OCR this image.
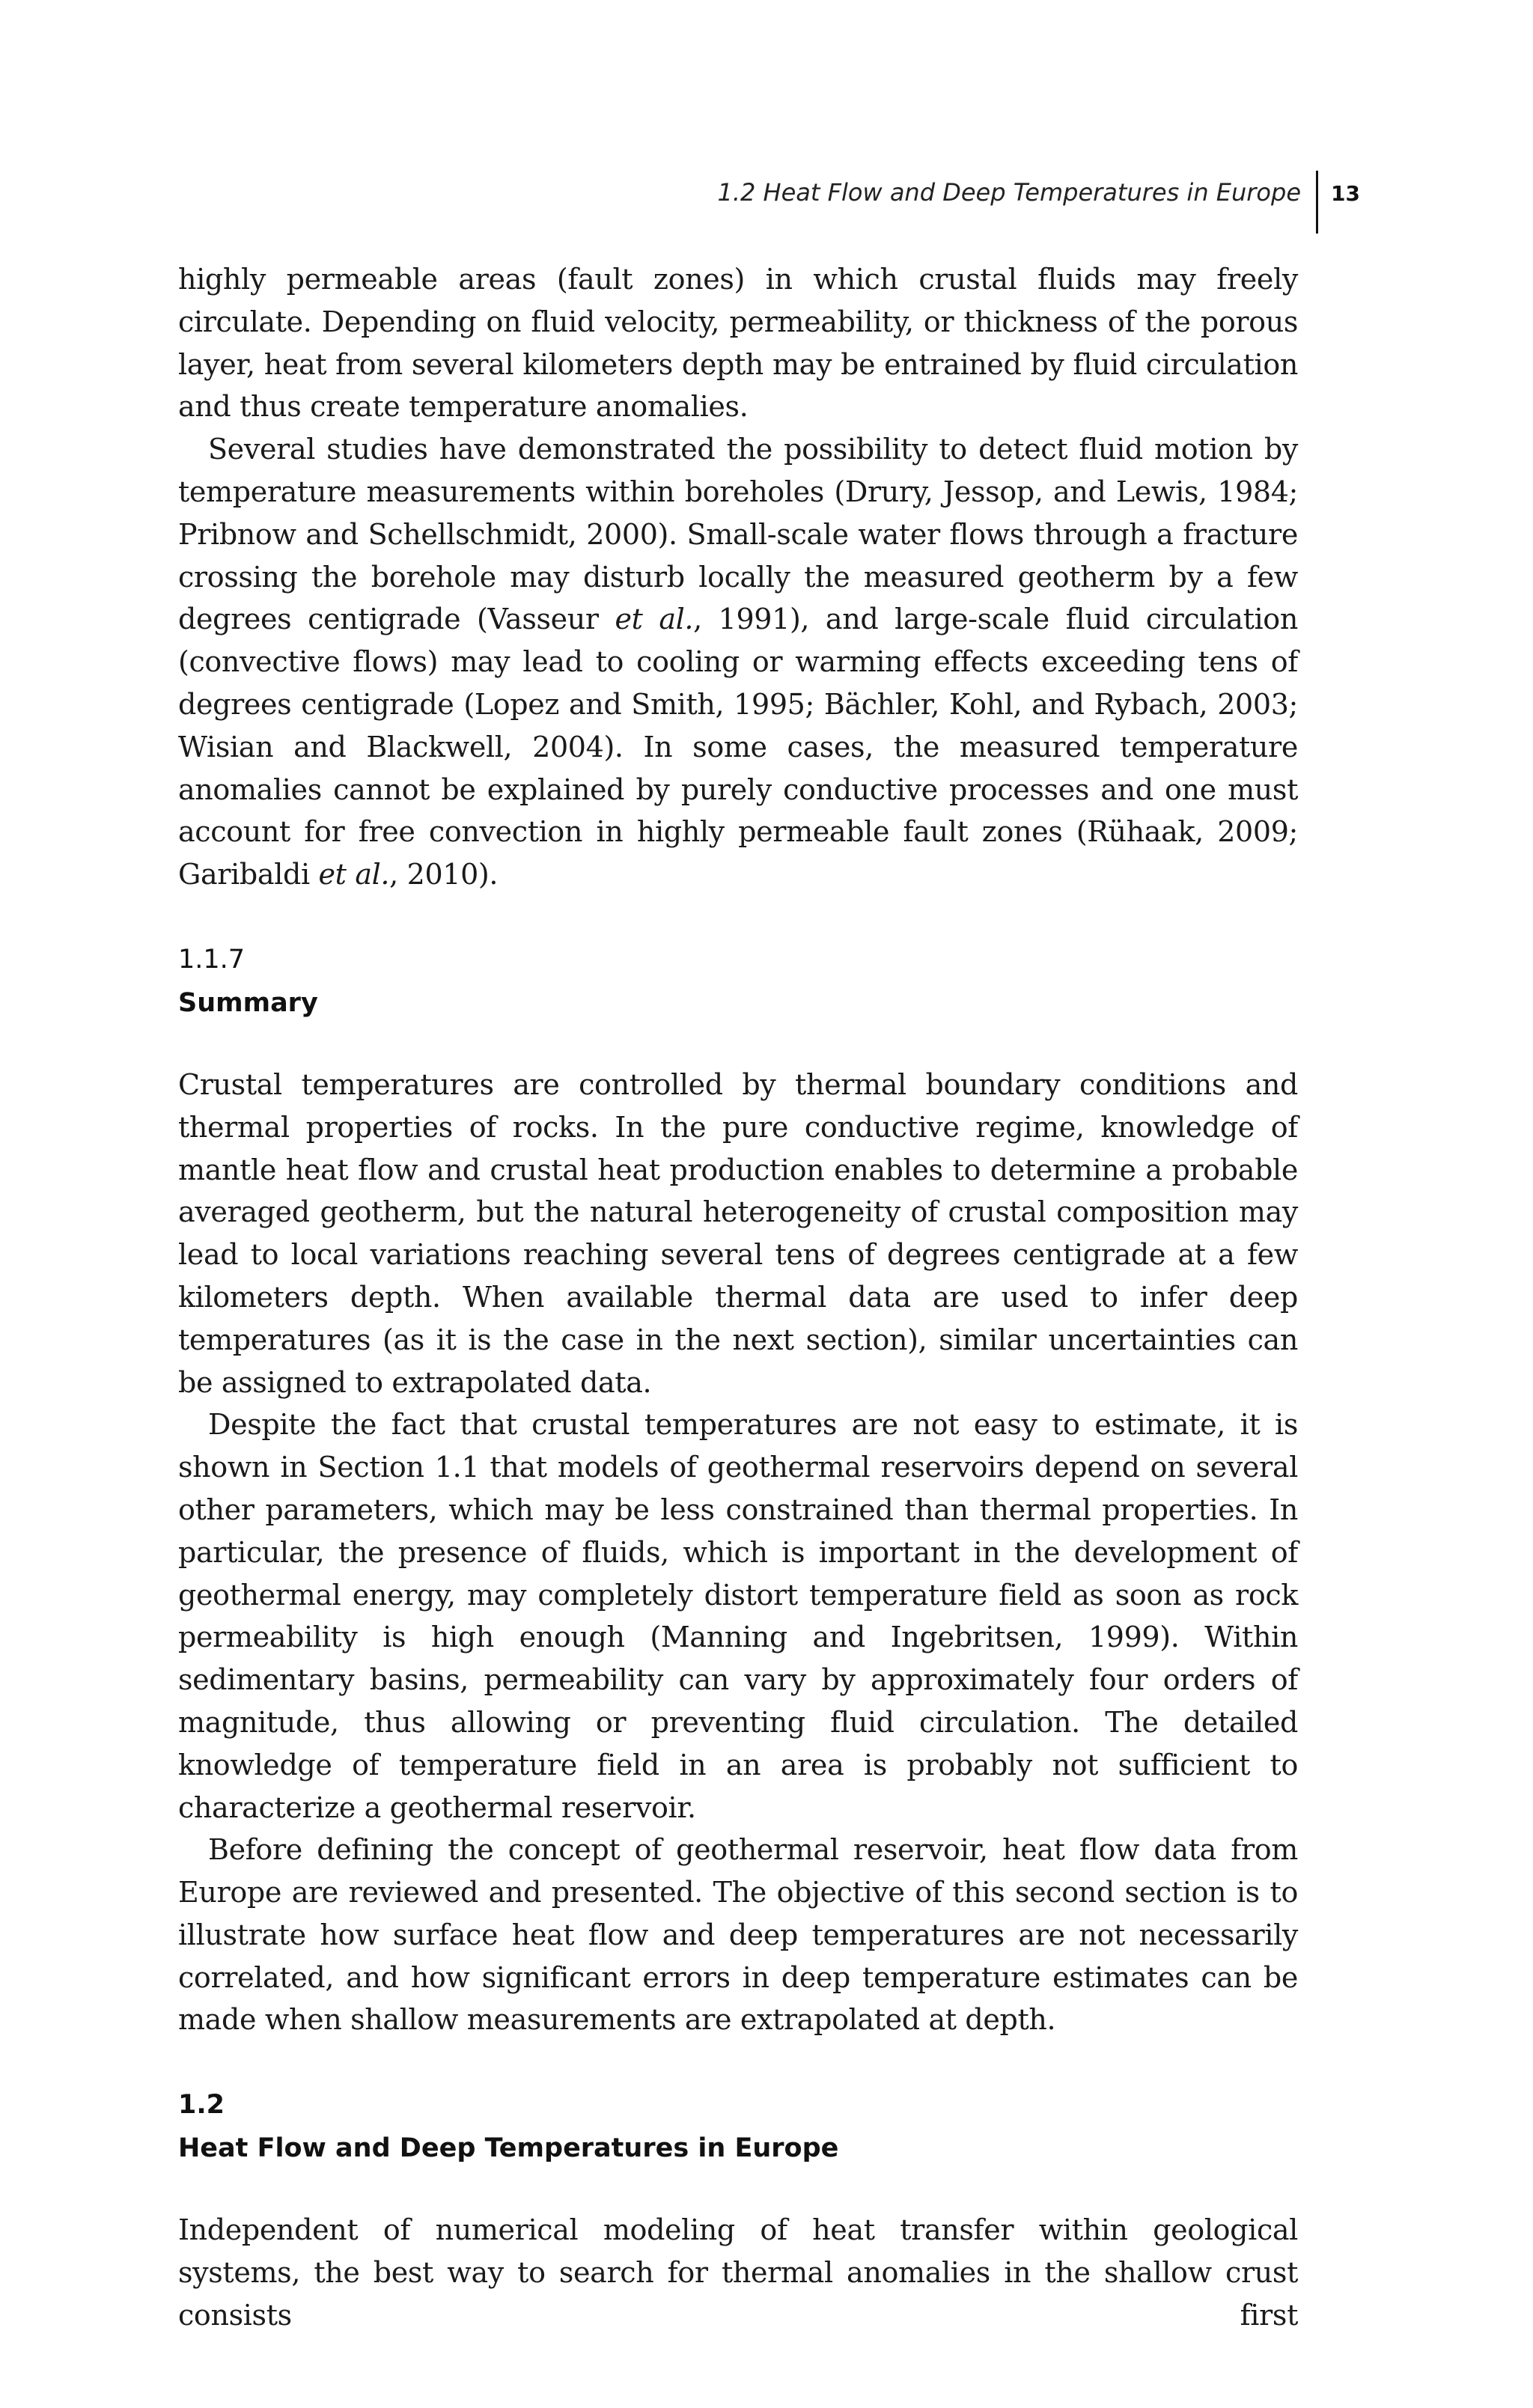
1.2 Heat Flow and Deep Temperatures in Europe 13

highly permeable areas (fault zones) in which crustal fluids may freely circulate. Depending on fluid velocity, permeability, or thickness of the porous layer, heat from several kilometers depth may be entrained by fluid circulation and thus create temperature anomalies.

Several studies have demonstrated the possibility to detect fluid motion by temperature measurements within boreholes (Drury, Jessop, and Lewis, 1984; Pribnow and Schellschmidt, 2000). Small-scale water flows through a fracture crossing the borehole may disturb locally the measured geotherm by a few degrees centigrade (Vasseur et al., 1991), and large-scale fluid circulation (convective flows) may lead to cooling or warming effects exceeding tens of degrees centigrade (Lopez and Smith, 1995; Bächler, Kohl, and Rybach, 2003; Wisian and Blackwell, 2004). In some cases, the measured temperature anomalies cannot be explained by purely conductive processes and one must account for free convection in highly permeable fault zones (Rühaak, 2009; Garibaldi et al., 2010).

1.1.7
Summary

Crustal temperatures are controlled by thermal boundary conditions and thermal properties of rocks. In the pure conductive regime, knowledge of mantle heat flow and crustal heat production enables to determine a probable averaged geotherm, but the natural heterogeneity of crustal composition may lead to local variations reaching several tens of degrees centigrade at a few kilometers depth. When available thermal data are used to infer deep temperatures (as it is the case in the next section), similar uncertainties can be assigned to extrapolated data.

Despite the fact that crustal temperatures are not easy to estimate, it is shown in Section 1.1 that models of geothermal reservoirs depend on several other parameters, which may be less constrained than thermal properties. In particular, the presence of fluids, which is important in the development of geothermal energy, may completely distort temperature field as soon as rock permeability is high enough (Manning and Ingebritsen, 1999). Within sedimentary basins, permeability can vary by approximately four orders of magnitude, thus allowing or preventing fluid circulation. The detailed knowledge of temperature field in an area is probably not sufficient to characterize a geothermal reservoir.

Before defining the concept of geothermal reservoir, heat flow data from Europe are reviewed and presented. The objective of this second section is to illustrate how surface heat flow and deep temperatures are not necessarily correlated, and how significant errors in deep temperature estimates can be made when shallow measurements are extrapolated at depth.

1.2
Heat Flow and Deep Temperatures in Europe

Independent of numerical modeling of heat transfer within geological systems, the best way to search for thermal anomalies in the shallow crust consists first
